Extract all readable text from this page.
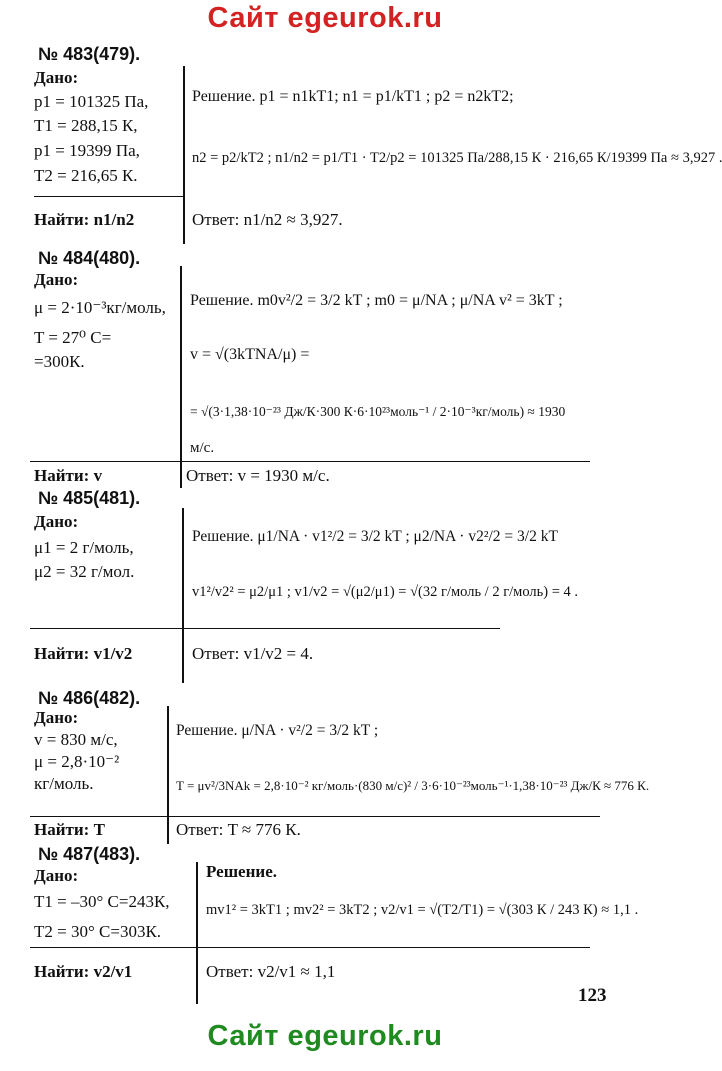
Сайт egeurok.ru
№ 483(479).
Дано:
p1 = 101325 Па,
T1 = 288,15 К,
p1 = 19399 Па,
T2 = 216,65 К.
Решение. p1 = n1kT1; n1 = p1/kT1 ; p2 = n2kT2;
n2 = p2/kT2 ; n1/n2 = p1/T1 · T2/p2 = 101325 Па/288,15 К · 216,65 К/19399 Па ≈ 3,927 .
Найти: n1/n2	Ответ: n1/n2 ≈ 3,927.
№ 484(480).
Дано:
μ = 2·10⁻³кг/моль,
T = 27⁰ С=
=300К.
Решение. m0v²/2 = 3/2 kT ; m0 = μ/NA ; μ/NA v² = 3kT ;
v = √(3kTNA/μ) =
= √(3·1,38·10⁻²³ Дж/К·300 К·6·10²³моль⁻¹ / 2·10⁻³кг/моль) ≈ 1930
м/с.
Найти: v	Ответ: v = 1930 м/с.
№ 485(481).
Дано:
μ1 = 2 г/моль,
μ2 = 32 г/мол.
Решение. μ1/NA · v1²/2 = 3/2 kT ; μ2/NA · v2²/2 = 3/2 kT
v1²/v2² = μ2/μ1 ; v1/v2 = √(μ2/μ1) = √(32 г/моль / 2 г/моль) = 4 .
Найти: v1/v2	Ответ: v1/v2 = 4.
№ 486(482).
Дано:
v = 830 м/с,
μ = 2,8·10⁻²
кг/моль.
Решение. μ/NA · v²/2 = 3/2 kT ;
T = μv²/3NAk = 2,8·10⁻² кг/моль·(830 м/с)² / 3·6·10⁻²³моль⁻¹·1,38·10⁻²³ Дж/К ≈ 776 К.
Найти: T	Ответ: T ≈ 776 К.
№ 487(483).
Дано:
T1 = –30° С=243К,
T2 = 30° С=303К.
Решение.
mv1² = 3kT1 ; mv2² = 3kT2 ; v2/v1 = √(T2/T1) = √(303 К / 243 К) ≈ 1,1 .
Найти: v2/v1	Ответ: v2/v1 ≈ 1,1
123
Сайт egeurok.ru
